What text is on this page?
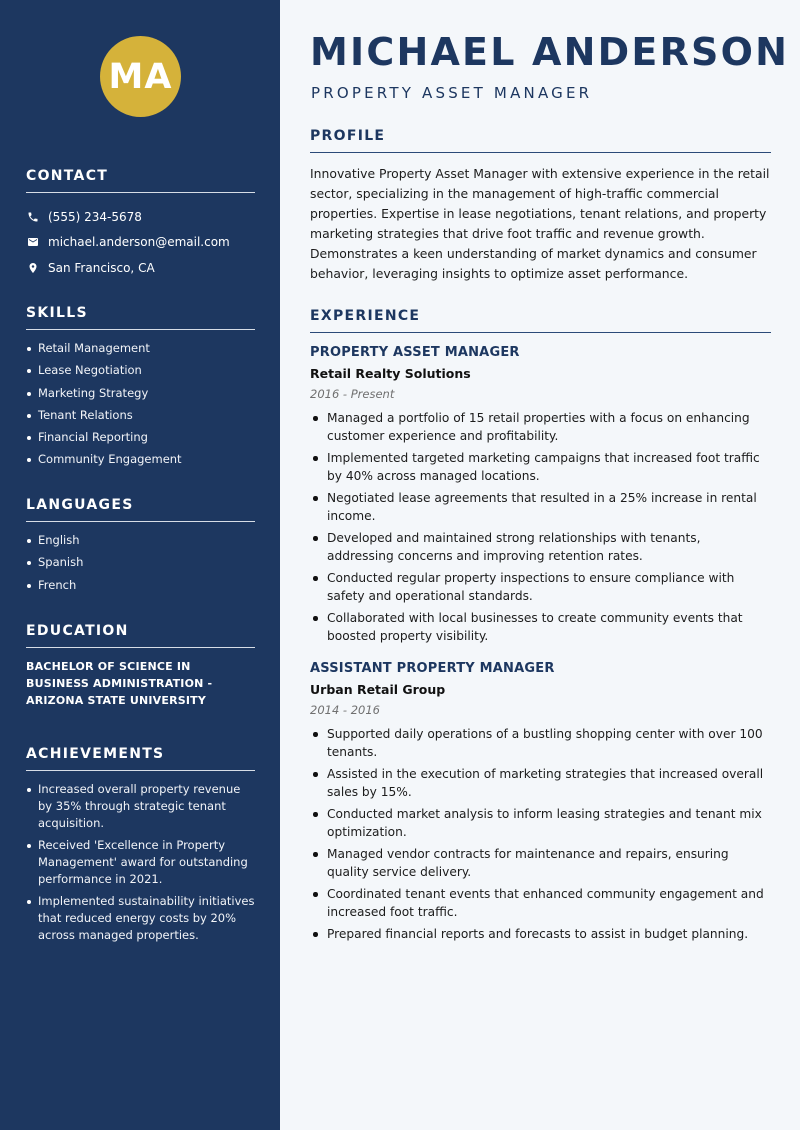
MA
CONTACT
(555) 234-5678
michael.anderson@email.com
San Francisco, CA
SKILLS
Retail Management
Lease Negotiation
Marketing Strategy
Tenant Relations
Financial Reporting
Community Engagement
LANGUAGES
English
Spanish
French
EDUCATION

BACHELOR OF SCIENCE IN BUSINESS ADMINISTRATION - ARIZONA STATE UNIVERSITY

ACHIEVEMENTS
Increased overall property revenue by 35% through strategic tenant acquisition.
Received 'Excellence in Property Management' award for outstanding performance in 2021.
Implemented sustainability initiatives that reduced energy costs by 20% across managed properties.
MICHAEL ANDERSON
PROPERTY ASSET MANAGER
PROFILE

Innovative Property Asset Manager with extensive experience in the retail sector, specializing in the management of high-traffic commercial properties. Expertise in lease negotiations, tenant relations, and property marketing strategies that drive foot traffic and revenue growth. Demonstrates a keen understanding of market dynamics and consumer behavior, leveraging insights to optimize asset performance.

EXPERIENCE
PROPERTY ASSET MANAGER
Retail Realty Solutions
2016 - Present
Managed a portfolio of 15 retail properties with a focus on enhancing customer experience and profitability.
Implemented targeted marketing campaigns that increased foot traffic by 40% across managed locations.
Negotiated lease agreements that resulted in a 25% increase in rental income.
Developed and maintained strong relationships with tenants, addressing concerns and improving retention rates.
Conducted regular property inspections to ensure compliance with safety and operational standards.
Collaborated with local businesses to create community events that boosted property visibility.
ASSISTANT PROPERTY MANAGER
Urban Retail Group
2014 - 2016
Supported daily operations of a bustling shopping center with over 100 tenants.
Assisted in the execution of marketing strategies that increased overall sales by 15%.
Conducted market analysis to inform leasing strategies and tenant mix optimization.
Managed vendor contracts for maintenance and repairs, ensuring quality service delivery.
Coordinated tenant events that enhanced community engagement and increased foot traffic.
Prepared financial reports and forecasts to assist in budget planning.
